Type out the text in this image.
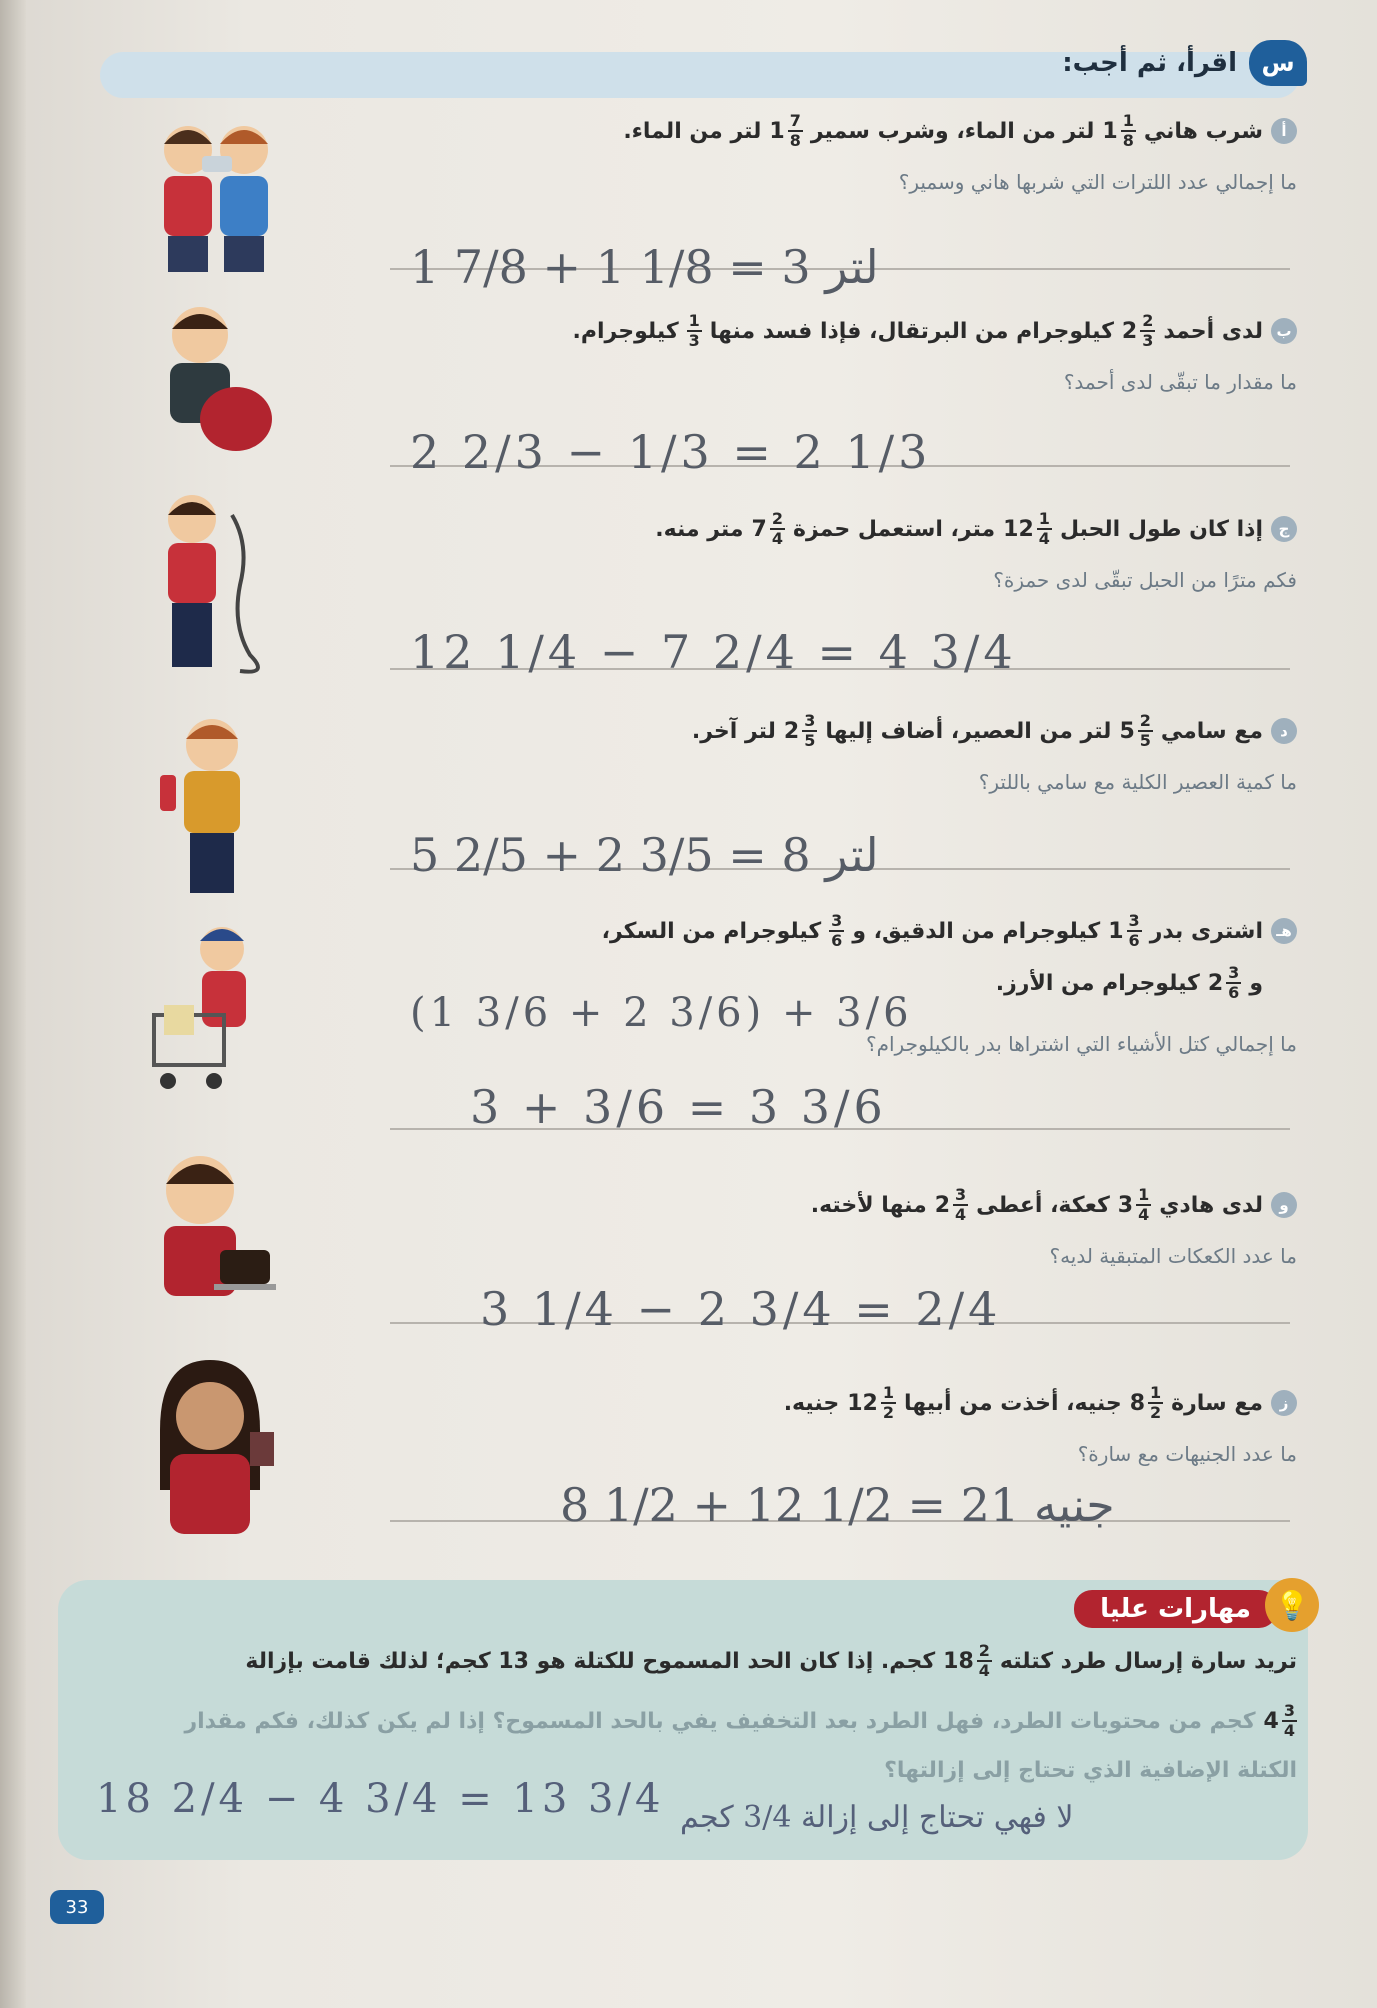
س
اقرأ، ثم أجب:
أ
شرب هاني
$1 \frac{1}{8}$
لتر من الماء، وشرب سمير
$1 \frac{7}{8}$
لتر من الماء.
ما إجمالي عدد اللترات التي شربها هاني وسمير؟
1 7/8 + 1 1/8 = 3 لتر
ب
لدى أحمد
$2 \frac{2}{3}$
كيلوجرام من البرتقال، فإذا فسد منها
$\frac{1}{3}$
كيلوجرام.
ما مقدار ما تبقّى لدى أحمد؟
2 2/3 − 1/3 = 2 1/3
ج
إذا كان طول الحبل
$12 \frac{1}{4}$
متر، استعمل حمزة
$7 \frac{2}{4}$
متر منه.
فكم مترًا من الحبل تبقّى لدى حمزة؟
12 1/4 − 7 2/4 = 4 3/4
د
مع سامي
$5 \frac{2}{5}$
لتر من العصير، أضاف إليها
$2 \frac{3}{5}$
لتر آخر.
ما كمية العصير الكلية مع سامي باللتر؟
5 2/5 + 2 3/5 = 8 لتر
هـ
اشترى بدر
$1 \frac{3}{6}$
كيلوجرام من الدقيق، و
$\frac{3}{6}$
كيلوجرام من السكر،
و
$2 \frac{3}{6}$
كيلوجرام من الأرز.
ما إجمالي كتل الأشياء التي اشتراها بدر بالكيلوجرام؟
(1 3/6 + 2 3/6) + 3/6
3 + 3/6 = 3 3/6
و
لدى هادي
$3 \frac{1}{4}$
كعكة، أعطى
$2 \frac{3}{4}$
منها لأخته.
ما عدد الكعكات المتبقية لديه؟
3 1/4 − 2 3/4 = 2/4
ز
مع سارة
$8 \frac{1}{2}$
جنيه، أخذت من أبيها
$12 \frac{1}{2}$
جنيه.
ما عدد الجنيهات مع سارة؟
8 1/2 + 12 1/2 = 21 جنيه
مهارات عليا 💡
تريد سارة إرسال طرد كتلته
$18 \frac{2}{4}$
كجم. إذا كان الحد المسموح للكتلة هو 13 كجم؛ لذلك قامت بإزالة
$4 \frac{3}{4}$
كجم من محتويات الطرد، فهل الطرد بعد التخفيف يفي بالحد المسموح؟ إذا لم يكن كذلك، فكم مقدار
الكتلة الإضافية الذي تحتاج إلى إزالتها؟
18 2/4 − 4 3/4 = 13 3/4 لا فهي تحتاج إلى إزالة 3/4 كجم
33
